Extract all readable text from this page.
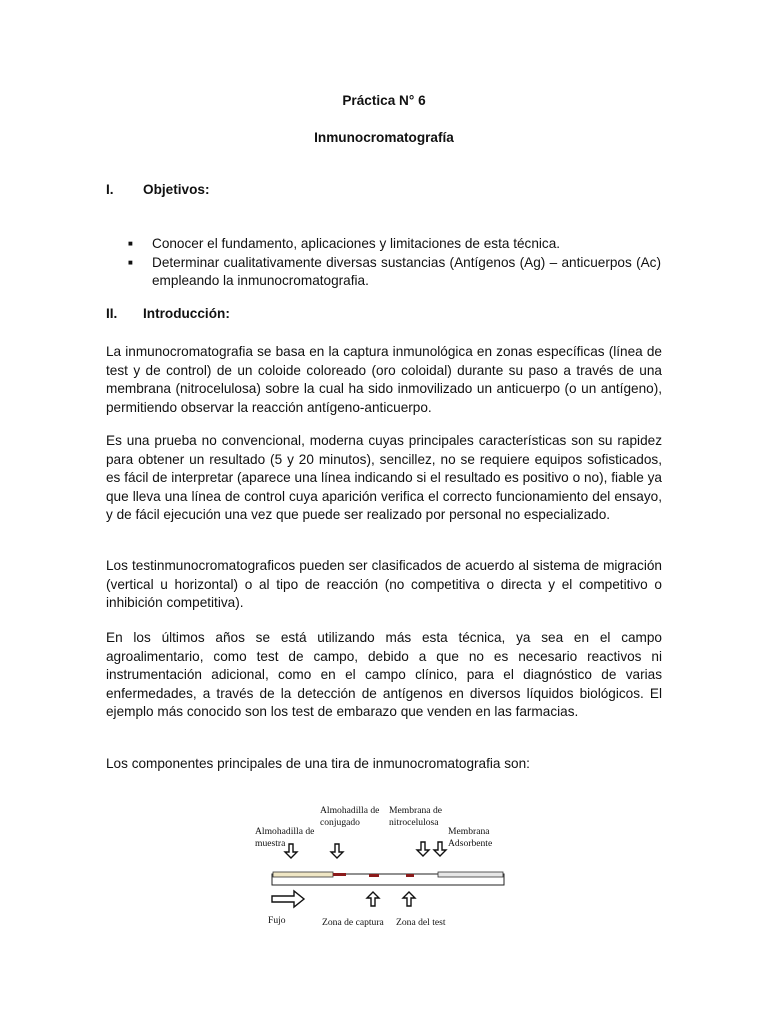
Práctica N° 6
Inmunocromatografía
I. Objetivos:
■	Conocer el fundamento, aplicaciones y limitaciones de esta técnica.
■	Determinar cualitativamente diversas sustancias (Antígenos (Ag) – anticuerpos (Ac) empleando la inmunocromatografia.
II. Introducción:

La inmunocromatografia se basa en la captura inmunológica en zonas específicas (línea de test y de control) de un coloide coloreado (oro coloidal) durante su paso a través de una membrana (nitrocelulosa) sobre la cual ha sido inmovilizado un anticuerpo (o un antígeno), permitiendo observar la reacción antígeno-anticuerpo.

Es una prueba no convencional, moderna cuyas principales características son su rapidez para obtener un resultado (5 y 20 minutos), sencillez, no se requiere equipos sofisticados, es fácil de interpretar (aparece una línea indicando si el resultado es positivo o no), fiable ya que lleva una línea de control cuya aparición verifica el correcto funcionamiento del ensayo, y de fácil ejecución una vez que puede ser realizado por personal no especializado.

Los testinmunocromatograficos pueden ser clasificados de acuerdo al sistema de migración (vertical u horizontal) o al tipo de reacción (no competitiva o directa y el competitivo o inhibición competitiva).

En los últimos años se está utilizando más esta técnica, ya sea en el campo agroalimentario, como test de campo, debido a que no es necesario reactivos ni instrumentación adicional, como en el campo clínico, para el diagnóstico de varias enfermedades, a través de la detección de antígenos en diversos líquidos biológicos. El ejemplo más conocido son los test de embarazo que venden en las farmacias.

Los componentes principales de una tira de inmunocromatografia son:

Almohadilla de
conjugado
Membrana de
nitrocelulosa
Almohadilla de
muestra
Membrana
Adsorbente
Fujo	Zona de captura Zona del test
